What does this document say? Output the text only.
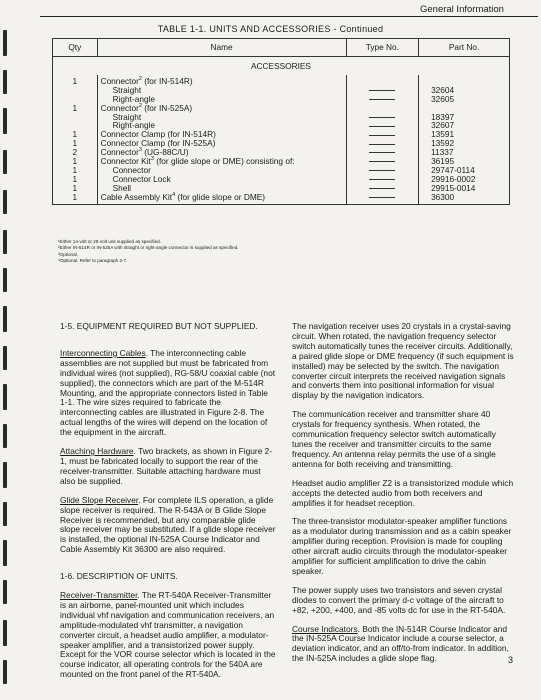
General Information
TABLE 1-1. UNITS AND ACCESSORIES - Continued
Qty	Name	Type No.	Part No.
ACCESSORIES			
1	Connector$^2$ (for IN-514R)		
	Straight		32604
	Right-angle		32605
1	Connector$^2$ (for IN-525A)		
	Straight		18397
	Right-angle		32607
1	Connector Clamp (for IN-514R)		13591
1	Connector Clamp (for IN-525A)		13592
2	Connector$^3$ (UG-88C/U)		11337
1	Connector Kit$^3$ (for glide slope or DME) consisting of:		36195
1	Connector		29747-0114
1	Connector Lock		29916-0002
1	Shell		29915-0014
1	Cable Assembly Kit$^4$ (for glide slope or DME)		36300
¹Either 14-volt or 28-volt unit supplied as specified.
²Either IN-514R or IN-525A with straight or right-angle connector is supplied as specified.
³Optional.
⁴Optional. Refer to paragraph 2-7.

1-5. EQUIPMENT REQUIRED BUT NOT SUPPLIED.

Interconnecting Cables. The interconnecting cable assemblies are not supplied but must be fabricated from individual wires (not supplied), RG-58/U coaxial cable (not supplied), the connectors which are part of the M-514R Mounting, and the appropriate connectors listed in Table 1-1. The wire sizes required to fabricate the interconnecting cables are illustrated in Figure 2-8. The actual lengths of the wires will depend on the location of the equipment in the aircraft.

Attaching Hardware. Two brackets, as shown in Figure 2-1, must be fabricated locally to support the rear of the receiver-transmitter. Suitable attaching hardware must also be supplied.

Glide Slope Receiver. For complete ILS operation, a glide slope receiver is required. The R-543A or B Glide Slope Receiver is recommended, but any comparable glide slope receiver may be substituted. If a glide slope receiver is installed, the optional IN-525A Course Indicator and Cable Assembly Kit 36300 are also required.

1-6. DESCRIPTION OF UNITS.

Receiver-Transmitter. The RT-540A Receiver-Transmitter is an airborne, panel-mounted unit which includes individual vhf navigation and communication receivers, an amplitude-modulated vhf transmitter, a navigation converter circuit, a headset audio amplifier, a modulator-speaker amplifier, and a transistorized power supply. Except for the VOR course selector which is located in the course indicator, all operating controls for the 540A are mounted on the front panel of the RT-540A.

The navigation receiver uses 20 crystals in a crystal-saving circuit. When rotated, the navigation frequency selector switch automatically tunes the receiver circuits. Additionally, a paired glide slope or DME frequency (if such equipment is installed) may be selected by the switch. The navigation converter circuit interprets the received navigation signals and converts them into positional information for visual display by the navigation indicators.

The communication receiver and transmitter share 40 crystals for frequency synthesis. When rotated, the communication frequency selector switch automatically tunes the receiver and transmitter circuits to the same frequency. An antenna relay permits the use of a single antenna for both receiving and transmitting.

Headset audio amplifier Z2 is a transistorized module which accepts the detected audio from both receivers and amplifies it for headset reception.

The three-transistor modulator-speaker amplifier functions as a modulator during transmission and as a cabin speaker amplifier during reception. Provision is made for coupling other aircraft audio circuits through the modulator-speaker amplifier for sufficient amplification to drive the cabin speaker.

The power supply uses two transistors and seven crystal diodes to convert the primary d-c voltage of the aircraft to +82, +200, +400, and -85 volts dc for use in the RT-540A.

Course Indicators. Both the IN-514R Course Indicator and the IN-525A Course Indicator include a course selector, a deviation indicator, and an off/to-from indicator. In addition, the IN-525A includes a glide slope flag.	3
